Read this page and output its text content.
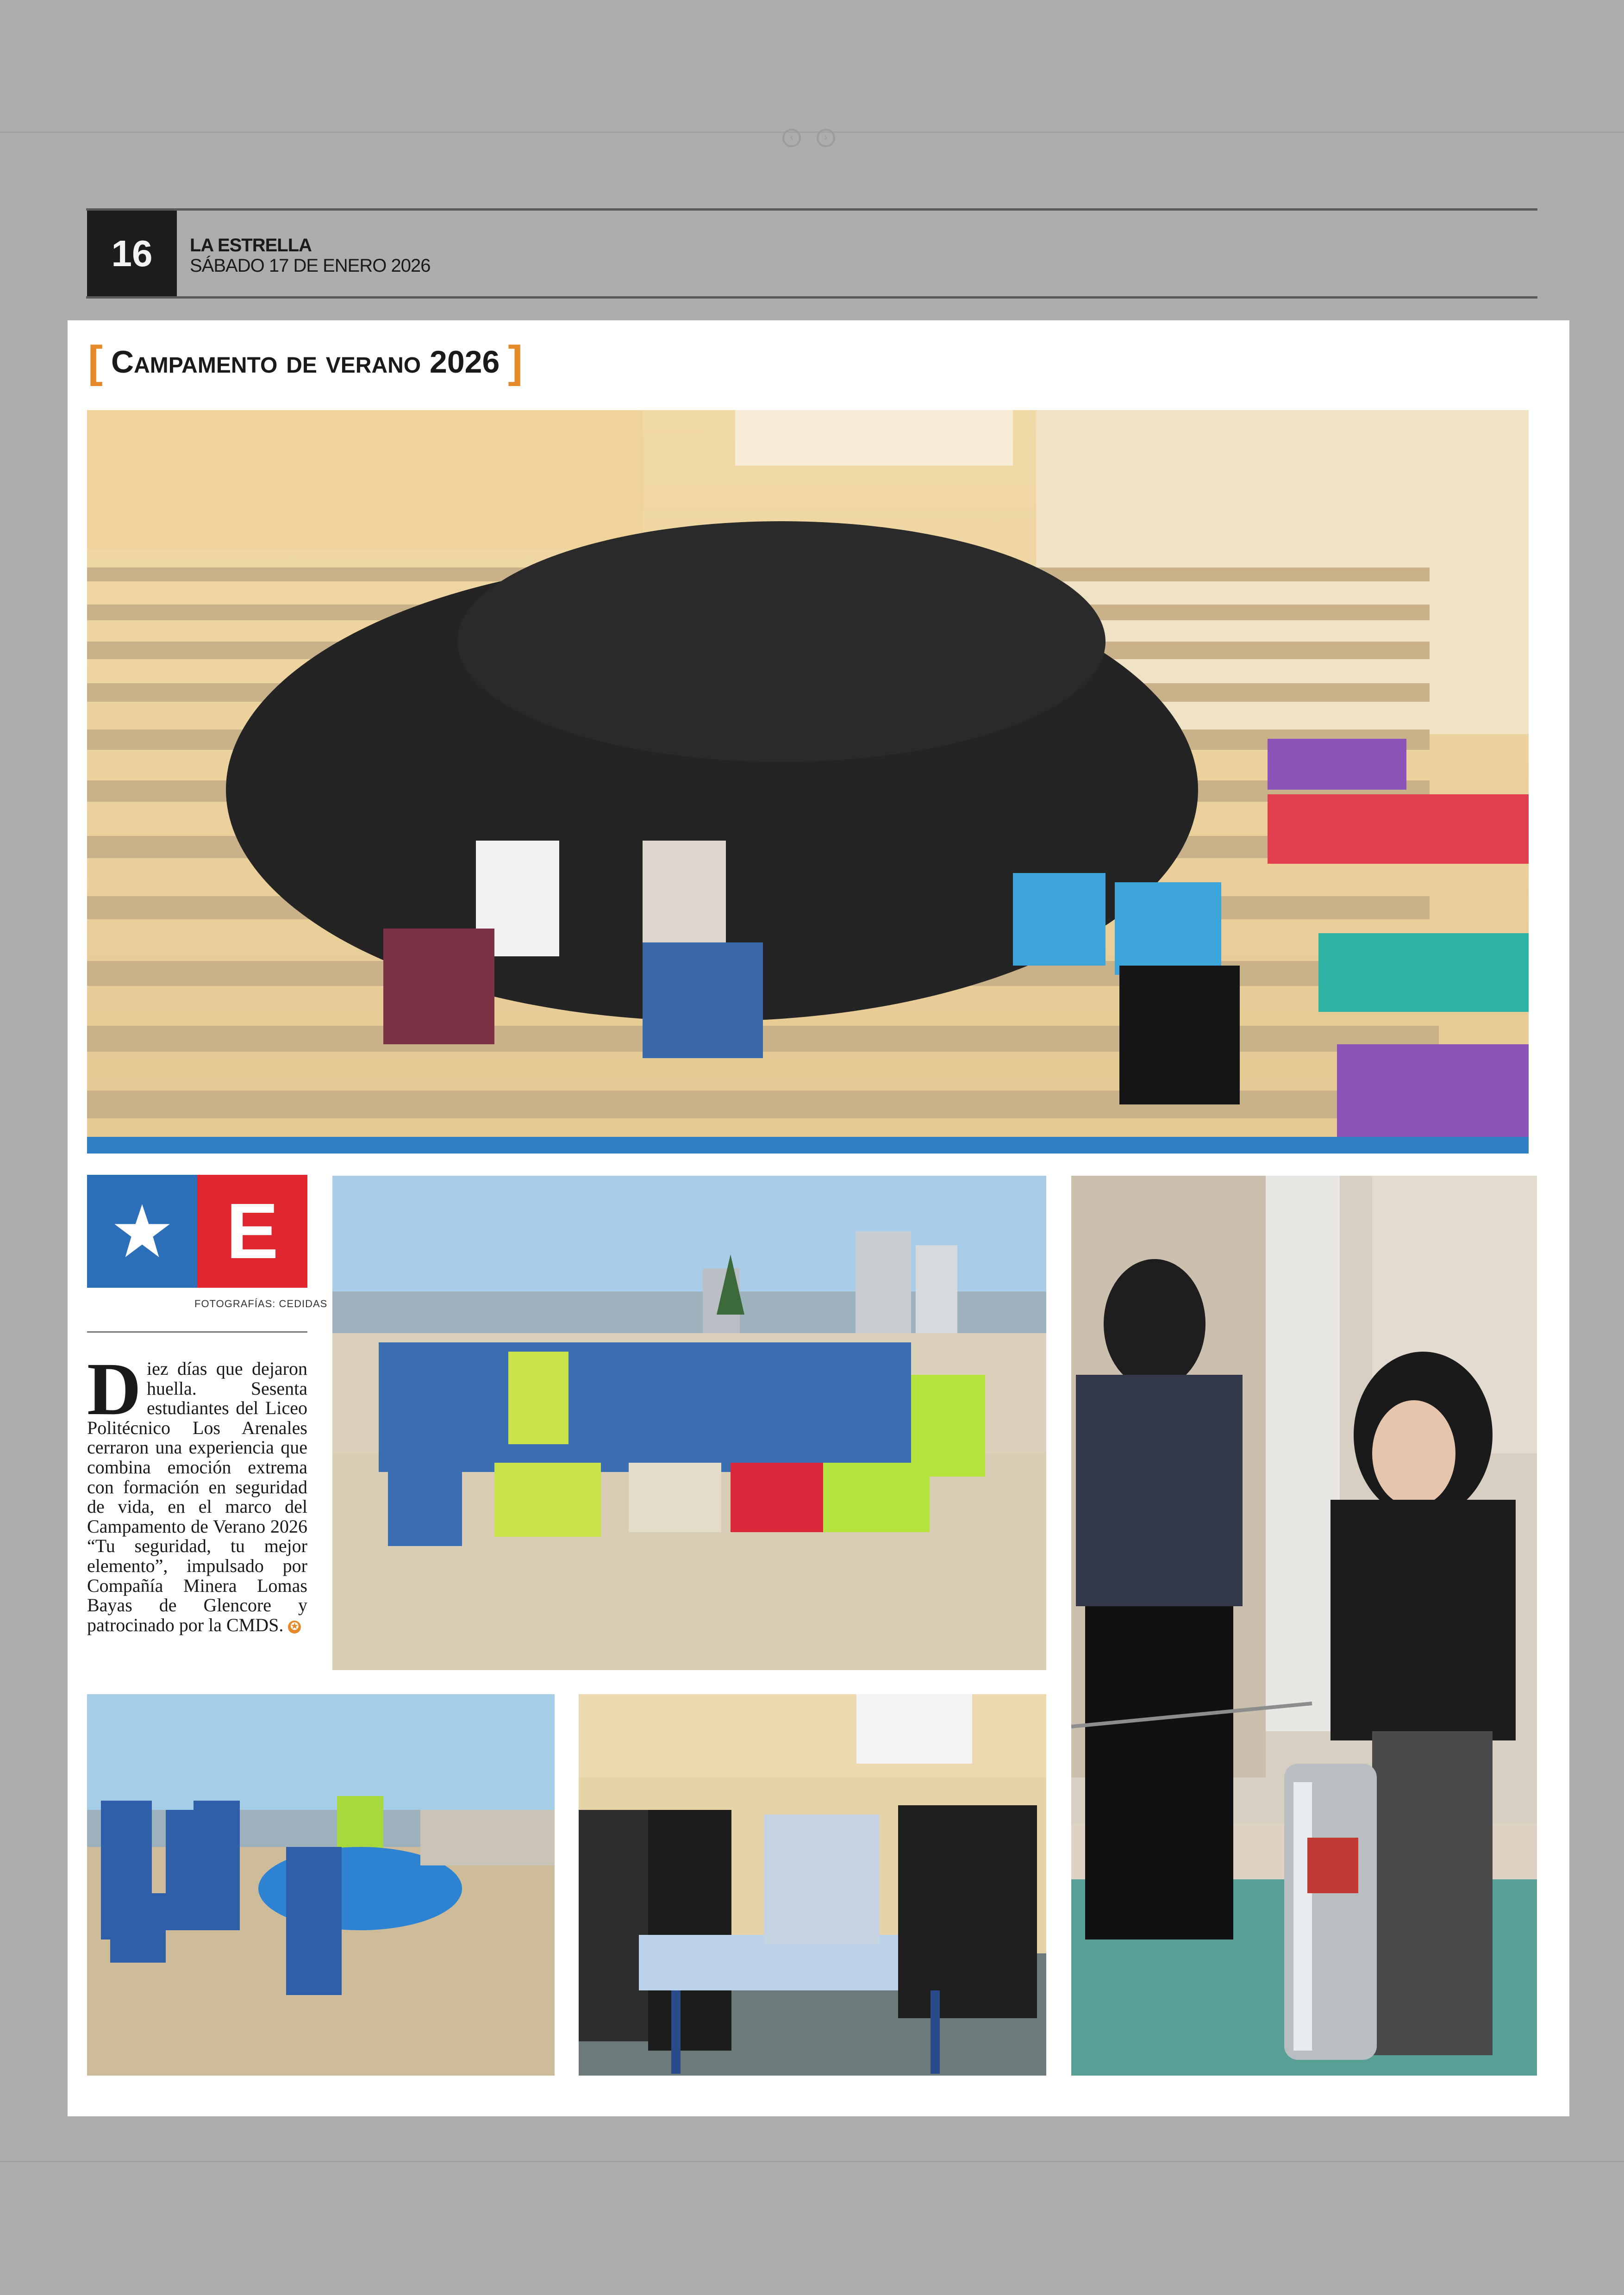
‹	›
16	LA ESTRELLA
SÁBADO 17 DE ENERO 2026
[ Campamento de verano 2026 ]
E
FOTOGRAFÍAS: CEDIDAS
Diez días que dejaron huella. Sesenta estudiantes del Liceo Politécnico Los Arenales cerraron una experiencia que combina emoción extrema con formación en seguridad de vida, en el marco del Campamento de Verano 2026 “Tu seguridad, tu mejor elemento”, impulsado por Compañía Minera Lomas Bayas de Glencore y patrocinado por la CMDS. ✪
